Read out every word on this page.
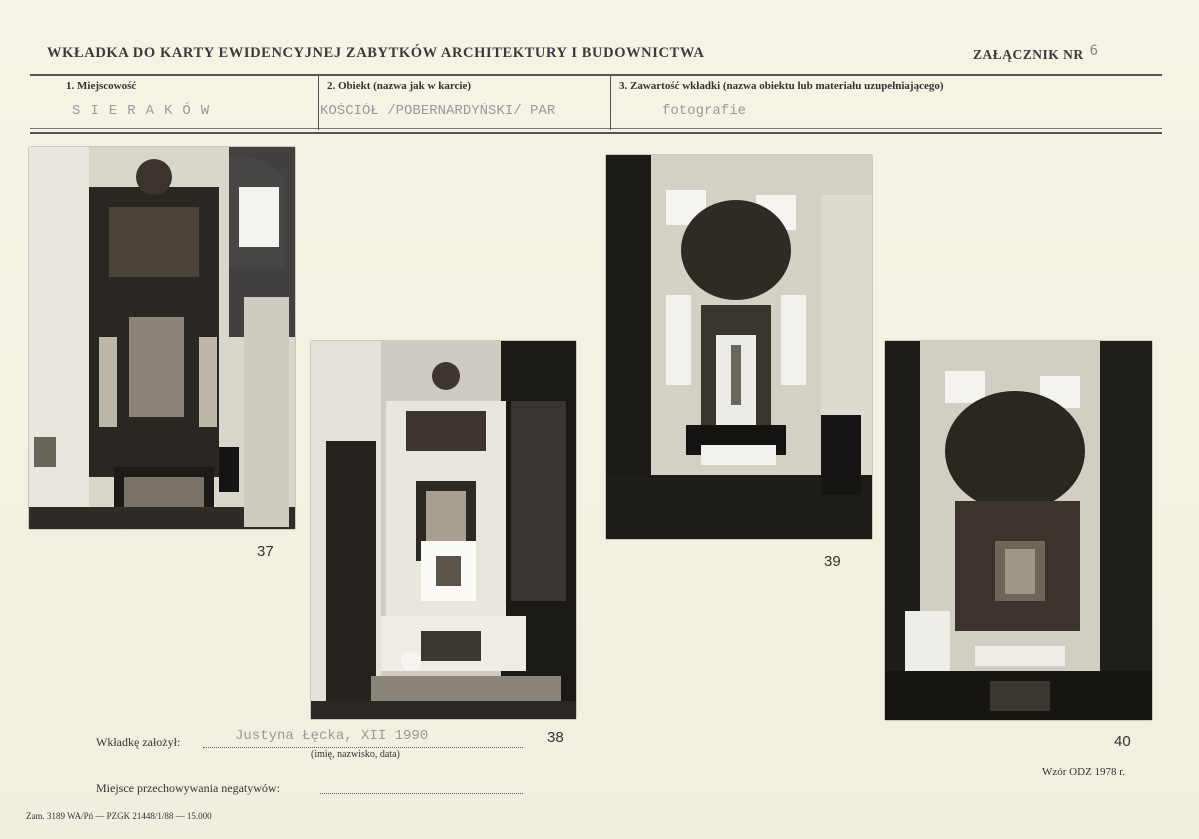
WKŁADKA DO KARTY EWIDENCYJNEJ ZABYTKÓW ARCHITEKTURY I BUDOWNICTWA	ZAŁĄCZNIK NR 6
1. Miejscowość
SIERAKÓW
2. Obiekt (nazwa jak w karcie)
KOŚCIÓŁ /POBERNARDYŃSKI/ PAR
3. Zawartość wkładki (nazwa obiektu lub materiału uzupełniającego)
fotografie
37
38
39
40
Wkładkę założył:	Justyna Łęcka, XII 1990
(imię, nazwisko, data)
Miejsce przechowywania negatywów:
Wzór ODZ 1978 r.
Zam. 3189 WA/Pń — PZGK 21448/1/88 — 15.000
